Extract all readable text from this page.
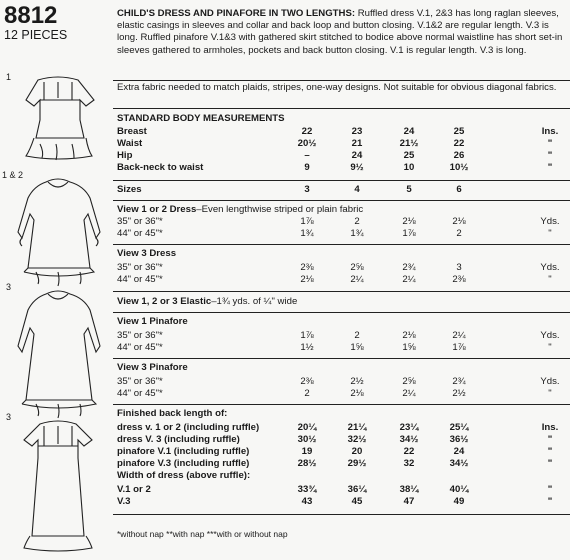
8812
12 PIECES
CHILD'S DRESS AND PINAFORE IN TWO LENGTHS: Ruffled dress V.1, 2&3 has long raglan sleeves, elastic casings in sleeves and collar and back loop and button closing. V.1&2 are regular length. V.3 is long. Ruffled pinafore V.1&3 with gathered skirt stitched to bodice above normal waistline has short set-in sleeves gathered to armholes, pockets and back button closing. V.1 is regular length. V.3 is long.
Extra fabric needed to match plaids, stripes, one-way designs. Not suitable for obvious diagonal fabrics.
STANDARD BODY MEASUREMENTS
Breast	22	23	24	25	Ins.
Waist	20½	21	21½	22	"
Hip	–	24	25	26	"
Back-neck to waist	9	9½	10	10½	"
Sizes	3	4	5	6
View 1 or 2 Dress–Even lengthwise striped or plain fabric
35" or 36"*	1⅞	2	2⅛	2⅛	Yds.
44" or 45"*	1¾	1¾	1⅞	2	"
View 3 Dress
35" or 36"*	2⅜	2⅝	2¾	3	Yds.
44" or 45"*	2⅛	2¼	2¼	2⅜	"
View 1, 2 or 3 Elastic–1¾ yds. of ¼" wide
View 1 Pinafore
35" or 36"*	1⅞	2	2⅛	2¼	Yds.
44" or 45"*	1½	1⅝	1⅝	1⅞	"
View 3 Pinafore
35" or 36"*	2⅜	2½	2⅝	2¾	Yds.
44" or 45"*	2	2⅛	2¼	2½	"
Finished back length of:
dress v. 1 or 2 (including ruffle)	20¼	21¼	23¼	25¼	Ins.
dress V. 3 (including ruffle)	30½	32½	34½	36½	"
pinafore V.1 (including ruffle)	19	20	22	24	"
pinafore V.3 (including ruffle)	28½	29½	32	34½	"
Width of dress (above ruffle):
V.1 or 2	33¾	36¼	38¼	40¼	"
V.3	43	45	47	49	"
*without nap **with nap ***with or without nap
1
1 & 2
3
3
